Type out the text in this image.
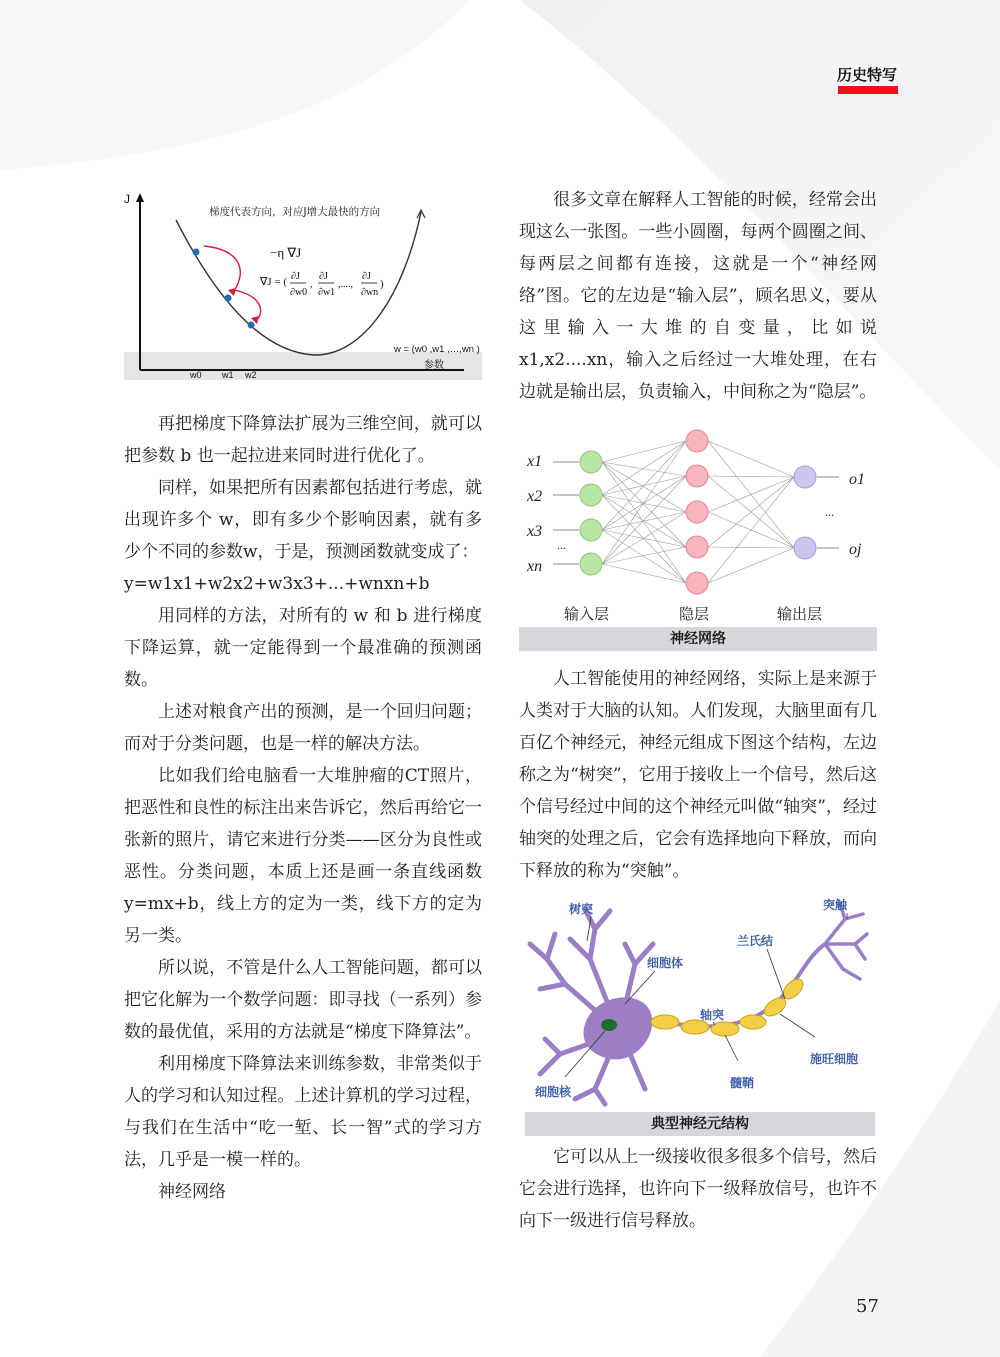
历史特写
J
梯度代表方向，对应J增大最快的方向
−η ∇J
∇J = ( ∂J
∂w0
,
∂J
∂w1
,....,
∂J
∂wn
)
w = (w0 ,w1 ,…,wn )
参数
w0 w1 w2

再把梯度下降算法扩展为三维空间，就可以把参数 b 也一起拉进来同时进行优化了。

同样，如果把所有因素都包括进行考虑，就出现许多个 w，即有多少个影响因素，就有多少个不同的参数w，于是，预测函数就变成了：

y=w1x1+w2x2+w3x3+...+wnxn+b

用同样的方法，对所有的 w 和 b 进行梯度下降运算，就一定能得到一个最准确的预测函数。

上述对粮食产出的预测，是一个回归问题；而对于分类问题，也是一样的解决方法。

比如我们给电脑看一大堆肿瘤的CT照片，把恶性和良性的标注出来告诉它，然后再给它一张新的照片，请它来进行分类——区分为良性或恶性。分类问题，本质上还是画一条直线函数 y=mx+b，线上方的定为一类，线下方的定为另一类。

所以说，不管是什么人工智能问题，都可以把它化解为一个数学问题：即寻找（一系列）参数的最优值，采用的方法就是“梯度下降算法”。

利用梯度下降算法来训练参数，非常类似于人的学习和认知过程。上述计算机的学习过程，与我们在生活中“吃一堑、长一智”式的学习方法，几乎是一模一样的。

神经网络

很多文章在解释人工智能的时候，经常会出现这么一张图。一些小圆圈，每两个圆圈之间、每两层之间都有连接，这就是一个“神经网络”图。它的左边是“输入层”，顾名思义，要从这里输入一大堆的自变量，比如说x1,x2....xn，输入之后经过一大堆处理，在右边就是输出层，负责输入，中间称之为“隐层”。

x1
x2
x3
...
xn
o1
...
oj
输入层	隐层	输出层
神经网络

人工智能使用的神经网络，实际上是来源于人类对于大脑的认知。人们发现，大脑里面有几百亿个神经元，神经元组成下图这个结构，左边称之为“树突”，它用于接收上一个信号，然后这个信号经过中间的这个神经元叫做“轴突”，经过轴突的处理之后，它会有选择地向下释放，而向下释放的称为“突触”。

树突	突触
细胞体
兰氏结
轴突
施旺细胞
髓鞘
细胞核
典型神经元结构

它可以从上一级接收很多很多个信号，然后它会进行选择，也许向下一级释放信号，也许不向下一级进行信号释放。

57
